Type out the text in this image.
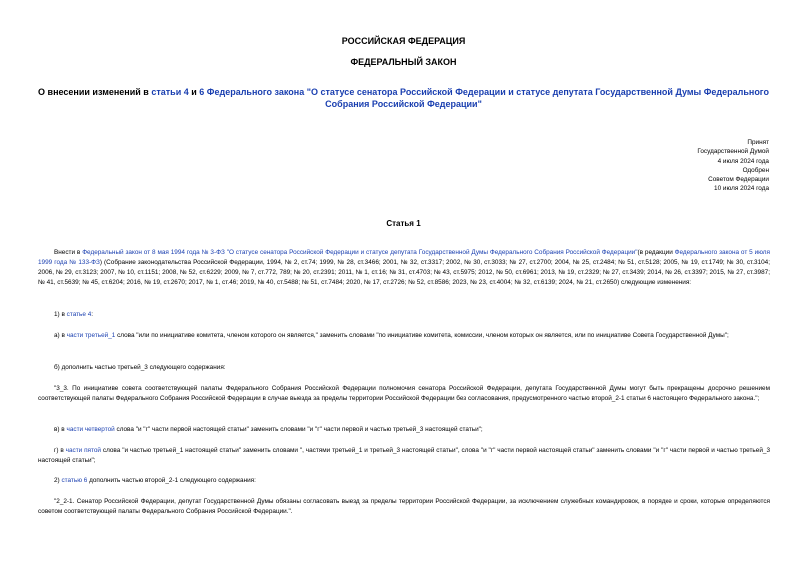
РОССИЙСКАЯ ФЕДЕРАЦИЯ
ФЕДЕРАЛЬНЫЙ ЗАКОН
О внесении изменений в статьи 4 и 6 Федерального закона "О статусе сенатора Российской Федерации и статусе депутата Государственной Думы Федерального Собрания Российской Федерации"
Принят
Государственной Думой
4 июля 2024 года
Одобрен
Советом Федерации
10 июля 2024 года
Статья 1
Внести в Федеральный закон от 8 мая 1994 года № 3-ФЗ "О статусе сенатора Российской Федерации и статусе депутата Государственной Думы Федерального Собрания Российской Федерации"(в редакции Федерального закона от 5 июля 1999 года № 133-ФЗ) (Собрание законодательства Российской Федерации, 1994, № 2, ст.74; 1999, № 28, ст.3466; 2001, № 32, ст.3317; 2002, № 30, ст.3033; № 27, ст.2700; 2004, № 25, ст.2484; № 51, ст.5128; 2005, № 19, ст.1749; № 30, ст.3104; 2006, № 29, ст.3123; 2007, № 10, ст.1151; 2008, № 52, ст.6229; 2009, № 7, ст.772, 789; № 20, ст.2391; 2011, № 1, ст.16; № 31, ст.4703; № 43, ст.5975; 2012, № 50, ст.6961; 2013, № 19, ст.2329; № 27, ст.3439; 2014, № 26, ст.3397; 2015, № 27, ст.3987; № 41, ст.5639; № 45, ст.6204; 2016, № 19, ст.2670; 2017, № 1, ст.46; 2019, № 40, ст.5488; № 51, ст.7484; 2020, № 17, ст.2726; № 52, ст.8586; 2023, № 23, ст.4004; № 32, ст.6139; 2024, № 21, ст.2650) следующие изменения:
1) в статье 4:
а) в части третьей_1 слова "или по инициативе комитета, членом которого он является," заменить словами "по инициативе комитета, комиссии, членом которых он является, или по инициативе Совета Государственной Думы";
б) дополнить частью третьей_3 следующего содержания:
"3_3. По инициативе совета соответствующей палаты Федерального Собрания Российской Федерации полномочия сенатора Российской Федерации, депутата Государственной Думы могут быть прекращены досрочно решением соответствующей палаты Федерального Собрания Российской Федерации в случае выезда за пределы территории Российской Федерации без согласования, предусмотренного частью второй_2-1 статьи 6 настоящего Федерального закона.";
в) в части четвертой слова "и "г" части первой настоящей статьи" заменить словами "и "г" части первой и частью третьей_3 настоящей статьи";
г) в части пятой слова "и частью третьей_1 настоящей статьи" заменить словами ", частями третьей_1 и третьей_3 настоящей статьи", слова "и "г" части первой настоящей статьи" заменить словами "и "г" части первой и частью третьей_3 настоящей статьи";
2) статью 6 дополнить частью второй_2-1 следующего содержания:
"2_2-1. Сенатор Российской Федерации, депутат Государственной Думы обязаны согласовать выезд за пределы территории Российской Федерации, за исключением служебных командировок, в порядке и сроки, которые определяются советом соответствующей палаты Федерального Собрания Российской Федерации.".
